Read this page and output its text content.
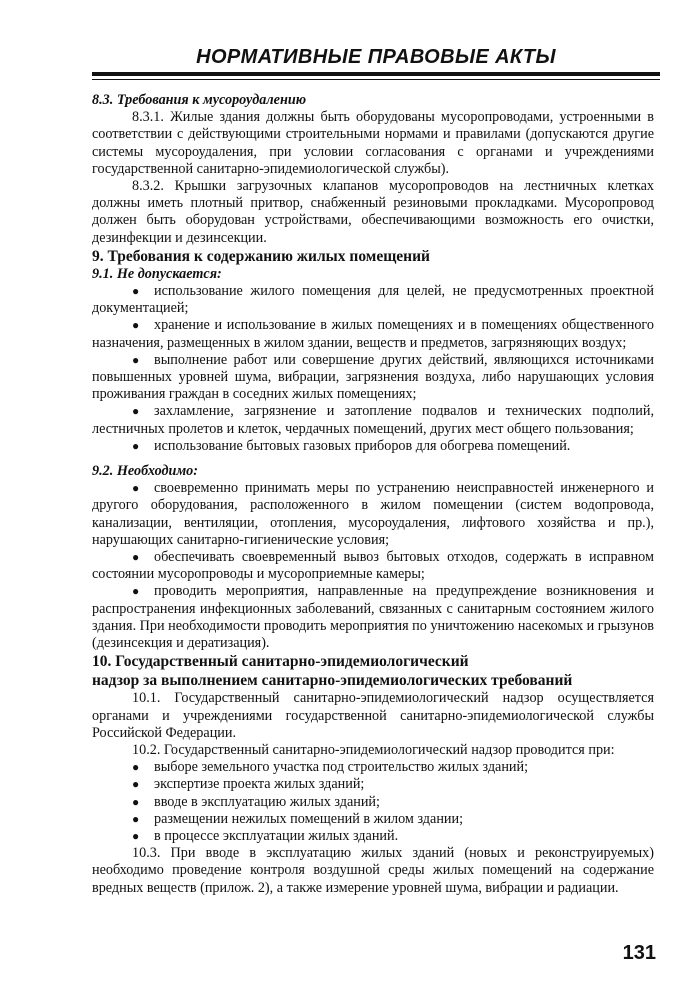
НОРМАТИВНЫЕ ПРАВОВЫЕ АКТЫ

8.3. Требования к мусороудалению

8.3.1. Жилые здания должны быть оборудованы мусоропроводами, устроенными в соответствии с действующими строительными нормами и правилами (допускаются другие системы мусороудаления, при условии согласования с органами и учреждениями государственной санитарно-эпидемиологической службы).

8.3.2. Крышки загрузочных клапанов мусоропроводов на лестничных клетках должны иметь плотный притвор, снабженный резиновыми прокладками. Мусоропровод должен быть оборудован устройствами, обеспечивающими возможность его очистки, дезинфекции и дезинсекции.

9. Требования к содержанию жилых помещений

9.1. Не допускается:

● использование жилого помещения для целей, не предусмотренных проектной документацией;

● хранение и использование в жилых помещениях и в помещениях общественного назначения, размещенных в жилом здании, веществ и предметов, загрязняющих воздух;

● выполнение работ или совершение других действий, являющихся источниками повышенных уровней шума, вибрации, загрязнения воздуха, либо нарушающих условия проживания граждан в соседних жилых помещениях;

● захламление, загрязнение и затопление подвалов и технических подполий, лестничных пролетов и клеток, чердачных помещений, других мест общего пользования;

● использование бытовых газовых приборов для обогрева помещений.

9.2. Необходимо:

● своевременно принимать меры по устранению неисправностей инженерного и другого оборудования, расположенного в жилом помещении (систем водопровода, канализации, вентиляции, отопления, мусороудаления, лифтового хозяйства и пр.), нарушающих санитарно-гигиенические условия;

● обеспечивать своевременный вывоз бытовых отходов, содержать в исправном состоянии мусоропроводы и мусороприемные камеры;

● проводить мероприятия, направленные на предупреждение возникновения и распространения инфекционных заболеваний, связанных с санитарным состоянием жилого здания. При необходимости проводить мероприятия по уничтожению насекомых и грызунов (дезинсекция и дератизация).

10. Государственный санитарно-эпидемиологический
надзор за выполнением санитарно-эпидемиологических требований

10.1. Государственный санитарно-эпидемиологический надзор осуществляется органами и учреждениями государственной санитарно-эпидемиологической службы Российской Федерации.

10.2. Государственный санитарно-эпидемиологический надзор проводится при:

● выборе земельного участка под строительство жилых зданий;

● экспертизе проекта жилых зданий;

● вводе в эксплуатацию жилых зданий;

● размещении нежилых помещений в жилом здании;

● в процессе эксплуатации жилых зданий.

10.3. При вводе в эксплуатацию жилых зданий (новых и реконструируемых) необходимо проведение контроля воздушной среды жилых помещений на содержание вредных веществ (прилож. 2), а также измерение уровней шума, вибрации и радиации.

131
